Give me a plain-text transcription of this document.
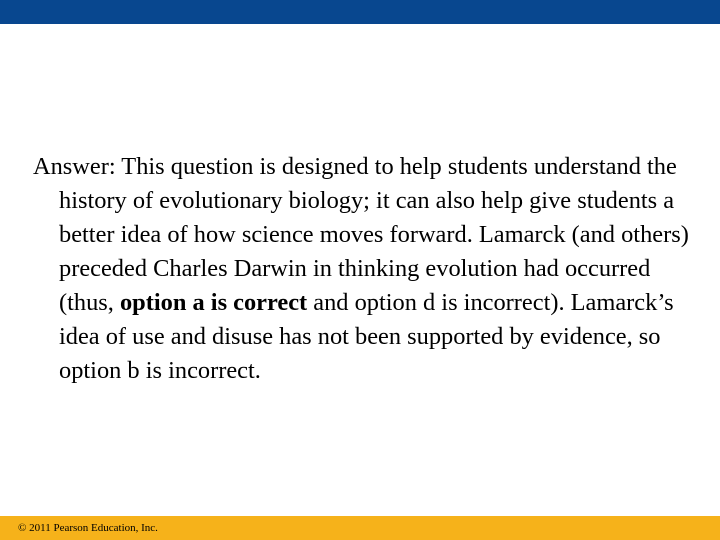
Answer: This question is designed to help students understand the history of evolutionary biology; it can also help give students a better idea of how science moves forward. Lamarck (and others) preceded Charles Darwin in thinking evolution had occurred (thus, option a is correct and option d is incorrect). Lamarck’s idea of use and disuse has not been supported by evidence, so option b is incorrect.

© 2011 Pearson Education, Inc.
